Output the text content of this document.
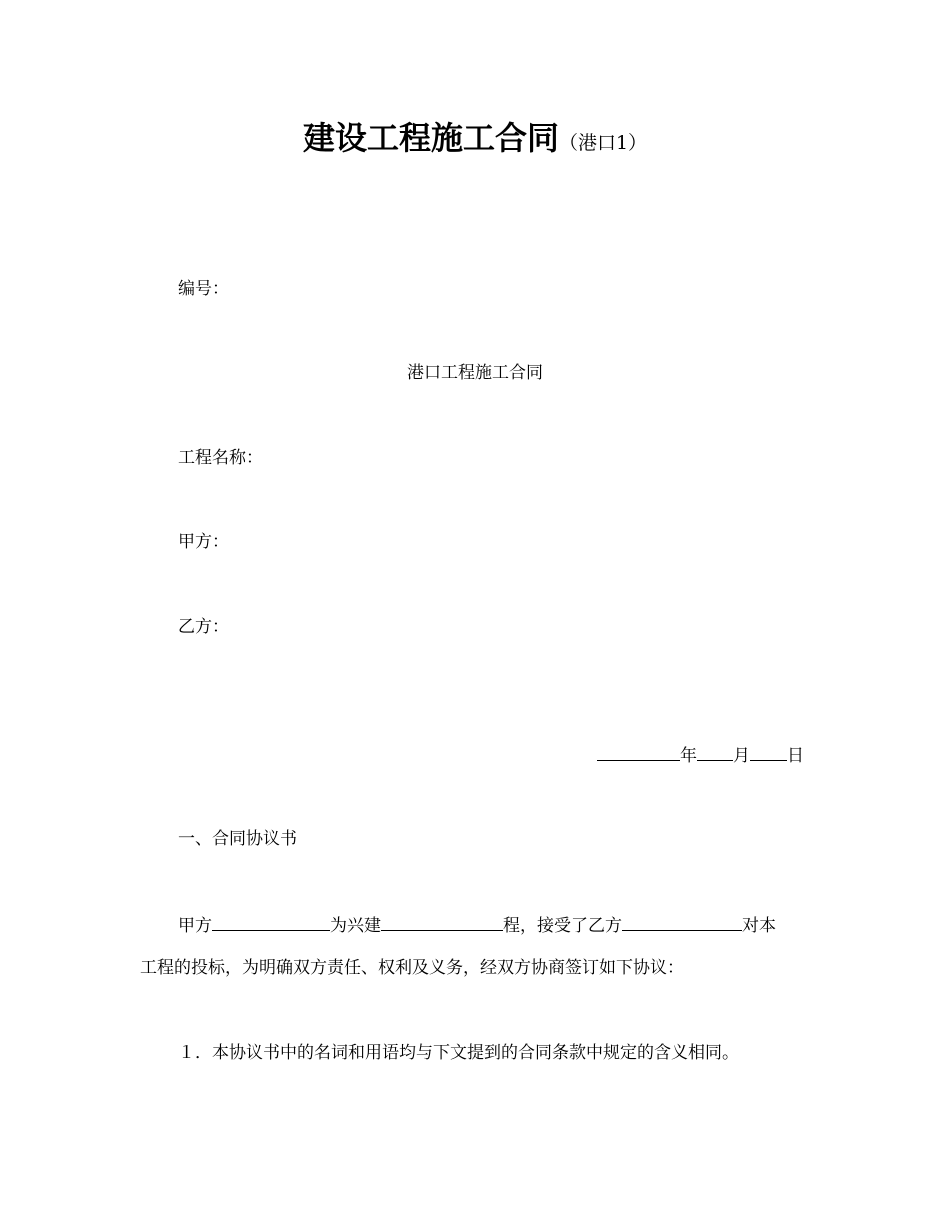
建设工程施工合同（港口1）
编号：
港口工程施工合同
工程名称：
甲方：
乙方：
年 月 日
一、合同协议书
甲方	为兴建	程，接受了乙方	对本
工程的投标，为明确双方责任、权利及义务，经双方协商签订如下协议：
１．本协议书中的名词和用语均与下文提到的合同条款中规定的含义相同。
